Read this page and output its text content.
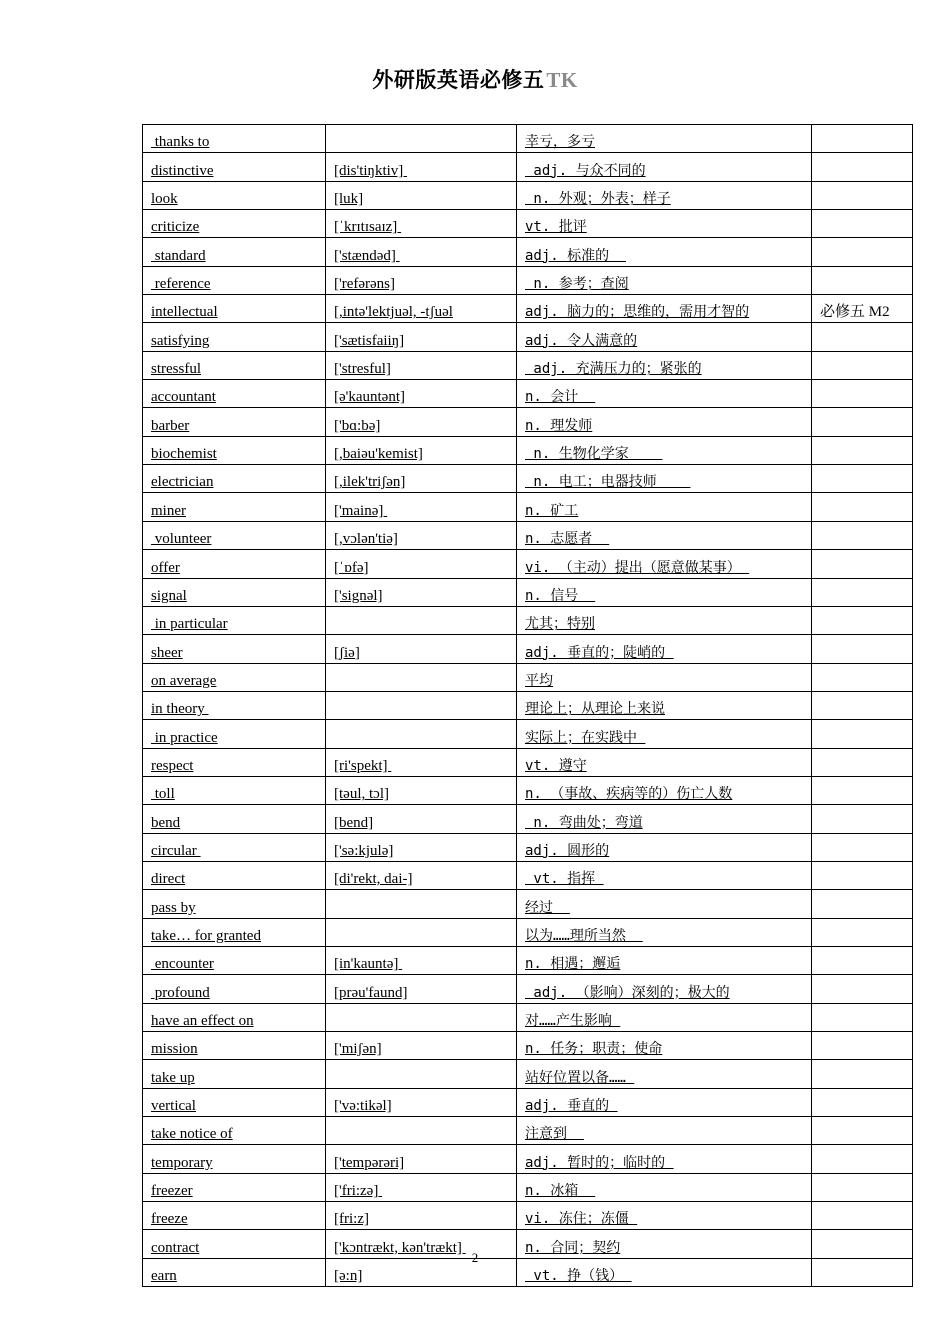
外研版英语必修五TK
thanks to		幸亏，多亏	
distinctive	[dis'tiŋktiv]	adj. 与众不同的	
look	[luk]	n. 外观；外表；样子	
criticize	[ˈkrɪtɪsaɪz]	vt. 批评	
standard	['stændəd]	adj. 标准的	
reference	['refərəns]	n. 参考；查阅	
intellectual	[,intə'lektjuəl, -tʃuəl	adj. 脑力的；思维的，需用才智的	必修五 M2
satisfying	['sætisfaiiŋ]	adj. 令人满意的	
stressful	['stresful]	adj. 充满压力的；紧张的	
accountant	[ə'kauntənt]	n. 会计	
barber	['bɑ:bə]	n. 理发师	
biochemist	[,baiəu'kemist]	n. 生物化学家	
electrician	[,ilek'triʃən]	n. 电工；电器技师	
miner	['mainə]	n. 矿工	
volunteer	[,vɔlən'tiə]	n. 志愿者	
offer	[ˈɒfə]	vi. （主动）提出（愿意做某事）	
signal	['signəl]	n. 信号	
in particular		尤其；特别	
sheer	[ʃiə]	adj. 垂直的；陡峭的	
on average		平均	
in theory		理论上；从理论上来说	
in practice		实际上；在实践中	
respect	[ri'spekt]	vt. 遵守	
toll	[təul, tɔl]	n. （事故、疾病等的）伤亡人数	
bend	[bend]	n. 弯曲处；弯道	
circular	['sə:kjulə]	adj. 圆形的	
direct	[di'rekt, dai-]	vt. 指挥	
pass by		经过	
take… for granted		以为……理所当然	
encounter	[in'kauntə]	n. 相遇；邂逅	
profound	[prəu'faund]	adj. （影响）深刻的；极大的	
have an effect on		对……产生影响	
mission	['miʃən]	n. 任务；职责；使命	
take up		站好位置以备……	
vertical	['və:tikəl]	adj. 垂直的	
take notice of		注意到	
temporary	['tempərəri]	adj. 暂时的；临时的	
freezer	['fri:zə]	n. 冰箱	
freeze	[fri:z]	vi. 冻住；冻僵	
contract	['kɔntrækt, kən'trækt]	n. 合同；契约	
earn	[ə:n]	vt. 挣（钱）	
2
